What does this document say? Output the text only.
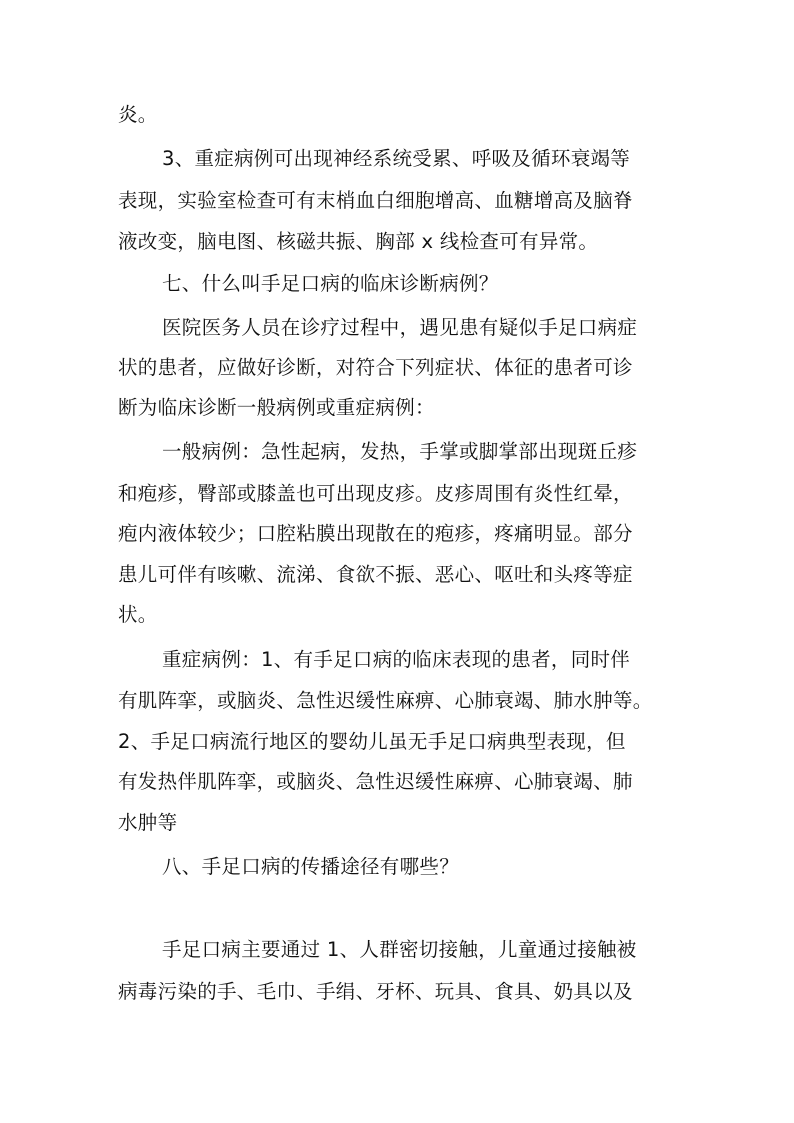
炎。
3、重症病例可出现神经系统受累、呼吸及循环衰竭等
表现，实验室检查可有末梢血白细胞增高、血糖增高及脑脊
液改变，脑电图、核磁共振、胸部 x 线检查可有异常。
七、什么叫手足口病的临床诊断病例？
医院医务人员在诊疗过程中，遇见患有疑似手足口病症
状的患者，应做好诊断，对符合下列症状、体征的患者可诊
断为临床诊断一般病例或重症病例：
一般病例：急性起病，发热，手掌或脚掌部出现斑丘疹
和疱疹，臀部或膝盖也可出现皮疹。皮疹周围有炎性红晕，
疱内液体较少；口腔粘膜出现散在的疱疹，疼痛明显。部分
患儿可伴有咳嗽、流涕、食欲不振、恶心、呕吐和头疼等症
状。
重症病例：1、有手足口病的临床表现的患者，同时伴
有肌阵挛，或脑炎、急性迟缓性麻痹、心肺衰竭、肺水肿等。
2、手足口病流行地区的婴幼儿虽无手足口病典型表现，但
有发热伴肌阵挛，或脑炎、急性迟缓性麻痹、心肺衰竭、肺
水肿等
八、手足口病的传播途径有哪些？
手足口病主要通过 1、人群密切接触，儿童通过接触被
病毒污染的手、毛巾、手绢、牙杯、玩具、食具、奶具以及
